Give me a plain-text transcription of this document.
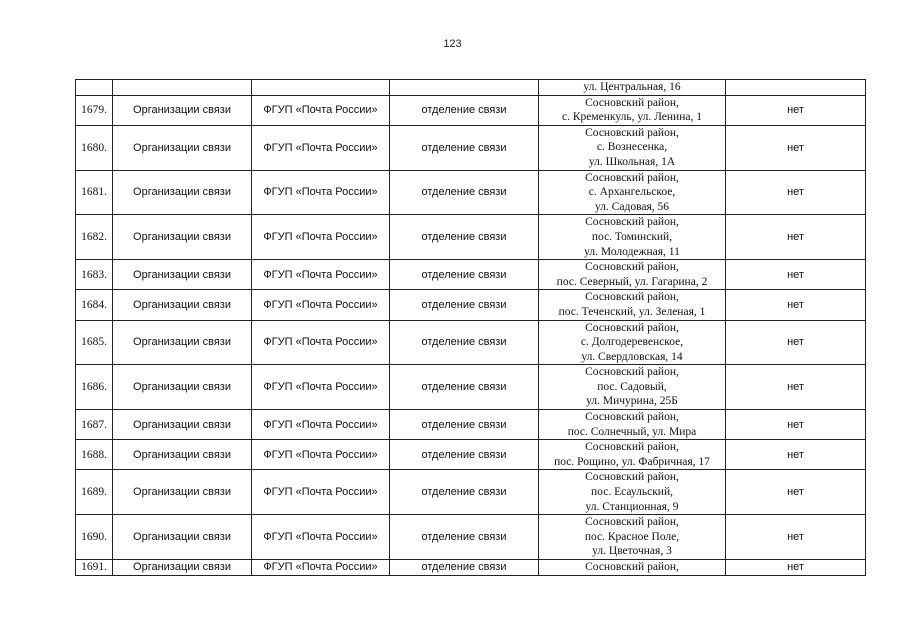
123

				ул. Центральная, 16	

1679.	Организации связи	ФГУП «Почта России»	отделение связи	Сосновский район,
с. Кременкуль, ул. Ленина, 1	нет
1680.	Организации связи	ФГУП «Почта России»	отделение связи	Сосновский район,
с. Вознесенка,
ул. Школьная, 1А	нет
1681.	Организации связи	ФГУП «Почта России»	отделение связи	Сосновский район,
с. Архангельское,
ул. Садовая, 56	нет
1682.	Организации связи	ФГУП «Почта России»	отделение связи	Сосновский район,
пос. Томинский,
ул. Молодежная, 11	нет
1683.	Организации связи	ФГУП «Почта России»	отделение связи	Сосновский район,
пос. Северный, ул. Гагарина, 2	нет
1684.	Организации связи	ФГУП «Почта России»	отделение связи	Сосновский район,
пос. Теченский, ул. Зеленая, 1	нет
1685.	Организации связи	ФГУП «Почта России»	отделение связи	Сосновский район,
с. Долгодеревенское,
ул. Свердловская, 14	нет
1686.	Организации связи	ФГУП «Почта России»	отделение связи	Сосновский район,
пос. Садовый,
ул. Мичурина, 25Б	нет
1687.	Организации связи	ФГУП «Почта России»	отделение связи	Сосновский район,
пос. Солнечный, ул. Мира	нет
1688.	Организации связи	ФГУП «Почта России»	отделение связи	Сосновский район,
пос. Рощино, ул. Фабричная, 17	нет
1689.	Организации связи	ФГУП «Почта России»	отделение связи	Сосновский район,
пос. Есаульский,
ул. Станционная, 9	нет
1690.	Организации связи	ФГУП «Почта России»	отделение связи	Сосновский район,
пос. Красное Поле,
ул. Цветочная, 3	нет
1691.	Организации связи	ФГУП «Почта России»	отделение связи	Сосновский район,	нет
